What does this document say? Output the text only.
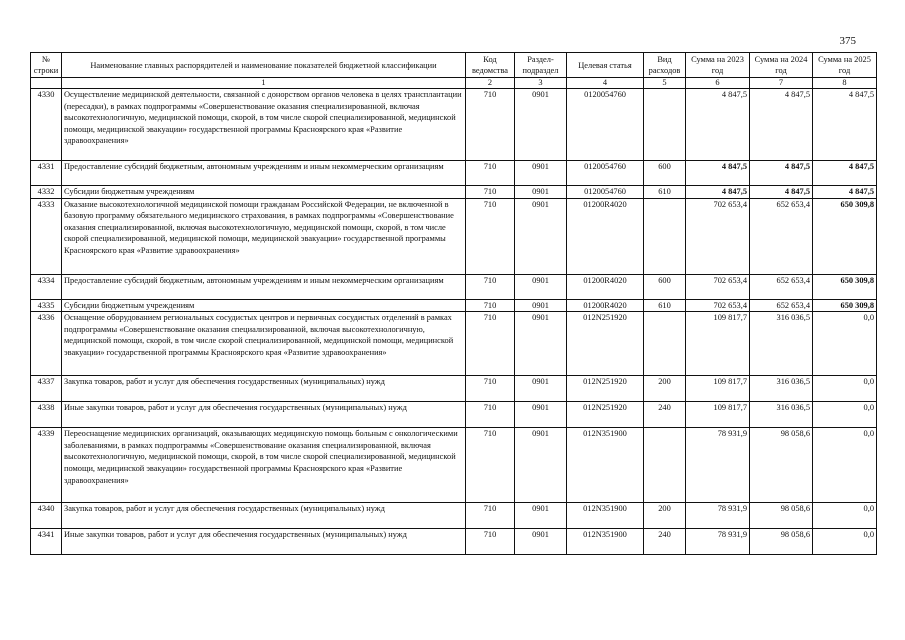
375
№ строки	Наименование главных распорядителей и наименование показателей бюджетной классификации	Код ведомства	Раздел-подраздел	Целевая статья	Вид расходов	Сумма на 2023 год	Сумма на 2024 год	Сумма на 2025 год
	1	2	3	4	5	6	7	8
4330	Осуществление медицинской деятельности, связанной с донорством органов человека в целях трансплантации (пересадки), в рамках подпрограммы «Совершенствование оказания специализированной, включая высокотехнологичную, медицинской помощи, скорой, в том числе скорой специализированной, медицинской помощи, медицинской эвакуации» государственной программы Красноярского края «Развитие здравоохранения»	710	0901	0120054760		4 847,5	4 847,5	4 847,5
4331	Предоставление субсидий бюджетным, автономным учреждениям и иным некоммерческим организациям	710	0901	0120054760	600	4 847,5	4 847,5	4 847,5
4332	Субсидии бюджетным учреждениям	710	0901	0120054760	610	4 847,5	4 847,5	4 847,5
4333	Оказание высокотехнологичной медицинской помощи гражданам Российской Федерации, не включенной в базовую программу обязательного медицинского страхования, в рамках подпрограммы «Совершенствование оказания специализированной, включая высокотехнологичную, медицинской помощи, скорой, в том числе скорой специализированной, медицинской помощи, медицинской эвакуации» государственной программы Красноярского края «Развитие здравоохранения»	710	0901	01200R4020		702 653,4	652 653,4	650 309,8
4334	Предоставление субсидий бюджетным, автономным учреждениям и иным некоммерческим организациям	710	0901	01200R4020	600	702 653,4	652 653,4	650 309,8
4335	Субсидии бюджетным учреждениям	710	0901	01200R4020	610	702 653,4	652 653,4	650 309,8
4336	Оснащение оборудованием региональных сосудистых центров и первичных сосудистых отделений в рамках подпрограммы «Совершенствование оказания специализированной, включая высокотехнологичную, медицинской помощи, скорой, в том числе скорой специализированной, медицинской помощи, медицинской эвакуации» государственной программы Красноярского края «Развитие здравоохранения»	710	0901	012N251920		109 817,7	316 036,5	0,0
4337	Закупка товаров, работ и услуг для обеспечения государственных (муниципальных) нужд	710	0901	012N251920	200	109 817,7	316 036,5	0,0
4338	Иные закупки товаров, работ и услуг для обеспечения государственных (муниципальных) нужд	710	0901	012N251920	240	109 817,7	316 036,5	0,0
4339	Переоснащение медицинских организаций, оказывающих медицинскую помощь больным с онкологическими заболеваниями, в рамках подпрограммы «Совершенствование оказания специализированной, включая высокотехнологичную, медицинской помощи, скорой, в том числе скорой специализированной, медицинской помощи, медицинской эвакуации» государственной программы Красноярского края «Развитие здравоохранения»	710	0901	012N351900		78 931,9	98 058,6	0,0
4340	Закупка товаров, работ и услуг для обеспечения государственных (муниципальных) нужд	710	0901	012N351900	200	78 931,9	98 058,6	0,0
4341	Иные закупки товаров, работ и услуг для обеспечения государственных (муниципальных) нужд	710	0901	012N351900	240	78 931,9	98 058,6	0,0
